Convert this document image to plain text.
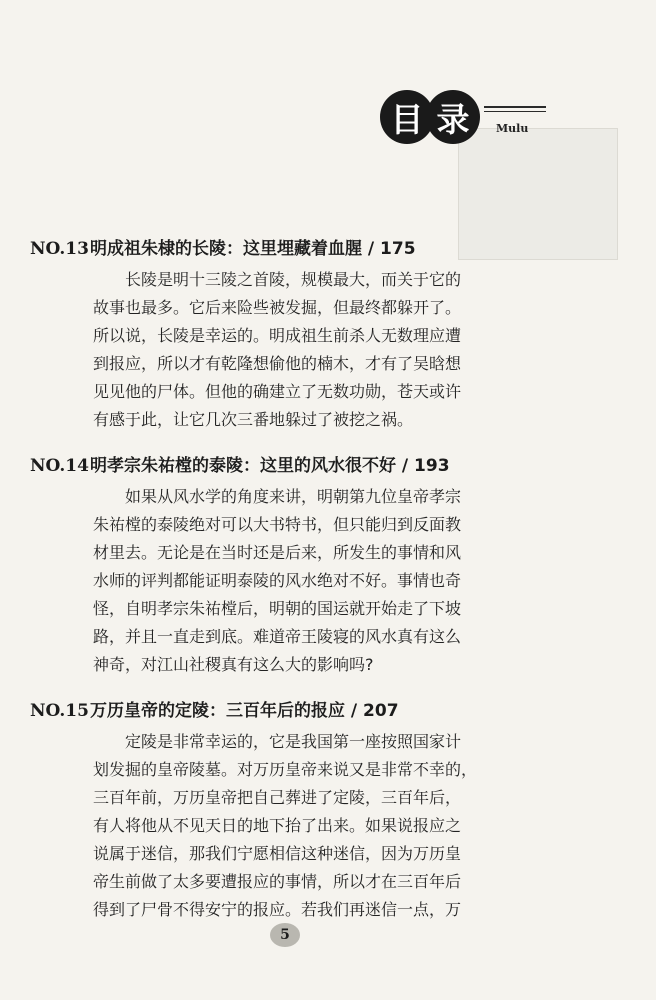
目 录	Mulu
NO.13明成祖朱棣的长陵：这里埋藏着血腥 / 175
长陵是明十三陵之首陵，规模最大，而关于它的
故事也最多。它后来险些被发掘，但最终都躲开了。
所以说，长陵是幸运的。明成祖生前杀人无数理应遭
到报应，所以才有乾隆想偷他的楠木，才有了吴晗想
见见他的尸体。但他的确建立了无数功勋，苍天或许
有感于此，让它几次三番地躲过了被挖之祸。
NO.14明孝宗朱祐樘的泰陵：这里的风水很不好 / 193
如果从风水学的角度来讲，明朝第九位皇帝孝宗
朱祐樘的泰陵绝对可以大书特书，但只能归到反面教
材里去。无论是在当时还是后来，所发生的事情和风
水师的评判都能证明泰陵的风水绝对不好。事情也奇
怪，自明孝宗朱祐樘后，明朝的国运就开始走了下坡
路，并且一直走到底。难道帝王陵寝的风水真有这么
神奇，对江山社稷真有这么大的影响吗?
NO.15万历皇帝的定陵：三百年后的报应 / 207
定陵是非常幸运的，它是我国第一座按照国家计
划发掘的皇帝陵墓。对万历皇帝来说又是非常不幸的，
三百年前，万历皇帝把自己葬进了定陵，三百年后，
有人将他从不见天日的地下抬了出来。如果说报应之
说属于迷信，那我们宁愿相信这种迷信，因为万历皇
帝生前做了太多要遭报应的事情，所以才在三百年后
得到了尸骨不得安宁的报应。若我们再迷信一点，万
5
